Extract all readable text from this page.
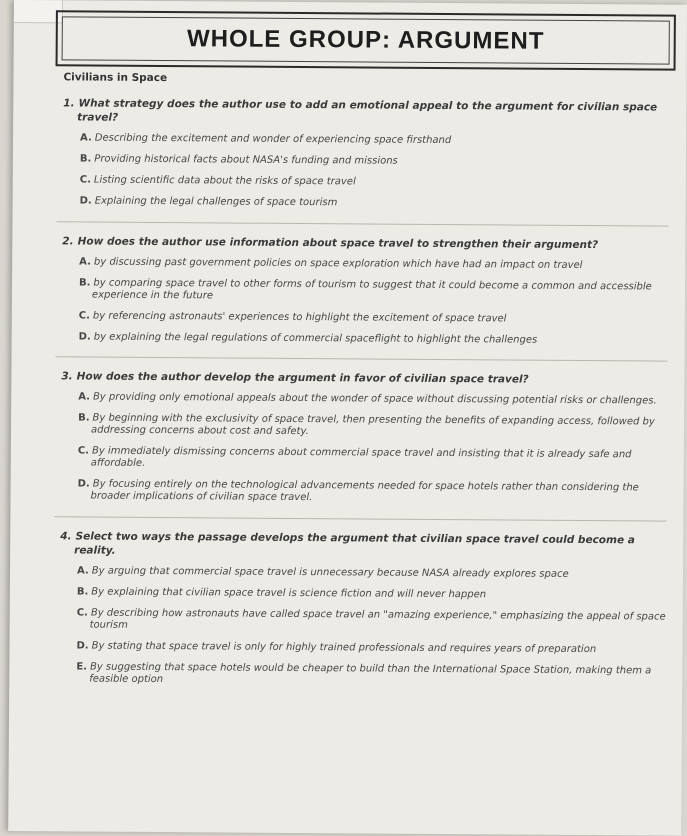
WHOLE GROUP: ARGUMENT
Civilians in Space

1. What strategy does the author use to add an emotional appeal to the argument for civilian space travel?

A. Describing the excitement and wonder of experiencing space firsthand

B. Providing historical facts about NASA's funding and missions

C. Listing scientific data about the risks of space travel

D. Explaining the legal challenges of space tourism

2. How does the author use information about space travel to strengthen their argument?

A. by discussing past government policies on space exploration which have had an impact on travel

B. by comparing space travel to other forms of tourism to suggest that it could become a common and accessible experience in the future

C. by referencing astronauts' experiences to highlight the excitement of space travel

D. by explaining the legal regulations of commercial spaceflight to highlight the challenges

3. How does the author develop the argument in favor of civilian space travel?

A. By providing only emotional appeals about the wonder of space without discussing potential risks or challenges.

B. By beginning with the exclusivity of space travel, then presenting the benefits of expanding access, followed by addressing concerns about cost and safety.

C. By immediately dismissing concerns about commercial space travel and insisting that it is already safe and affordable.

D. By focusing entirely on the technological advancements needed for space hotels rather than considering the broader implications of civilian space travel.

4. Select two ways the passage develops the argument that civilian space travel could become a reality.

A. By arguing that commercial space travel is unnecessary because NASA already explores space

B. By explaining that civilian space travel is science fiction and will never happen

C. By describing how astronauts have called space travel an "amazing experience," emphasizing the appeal of space tourism

D. By stating that space travel is only for highly trained professionals and requires years of preparation

E. By suggesting that space hotels would be cheaper to build than the International Space Station, making them a feasible option
